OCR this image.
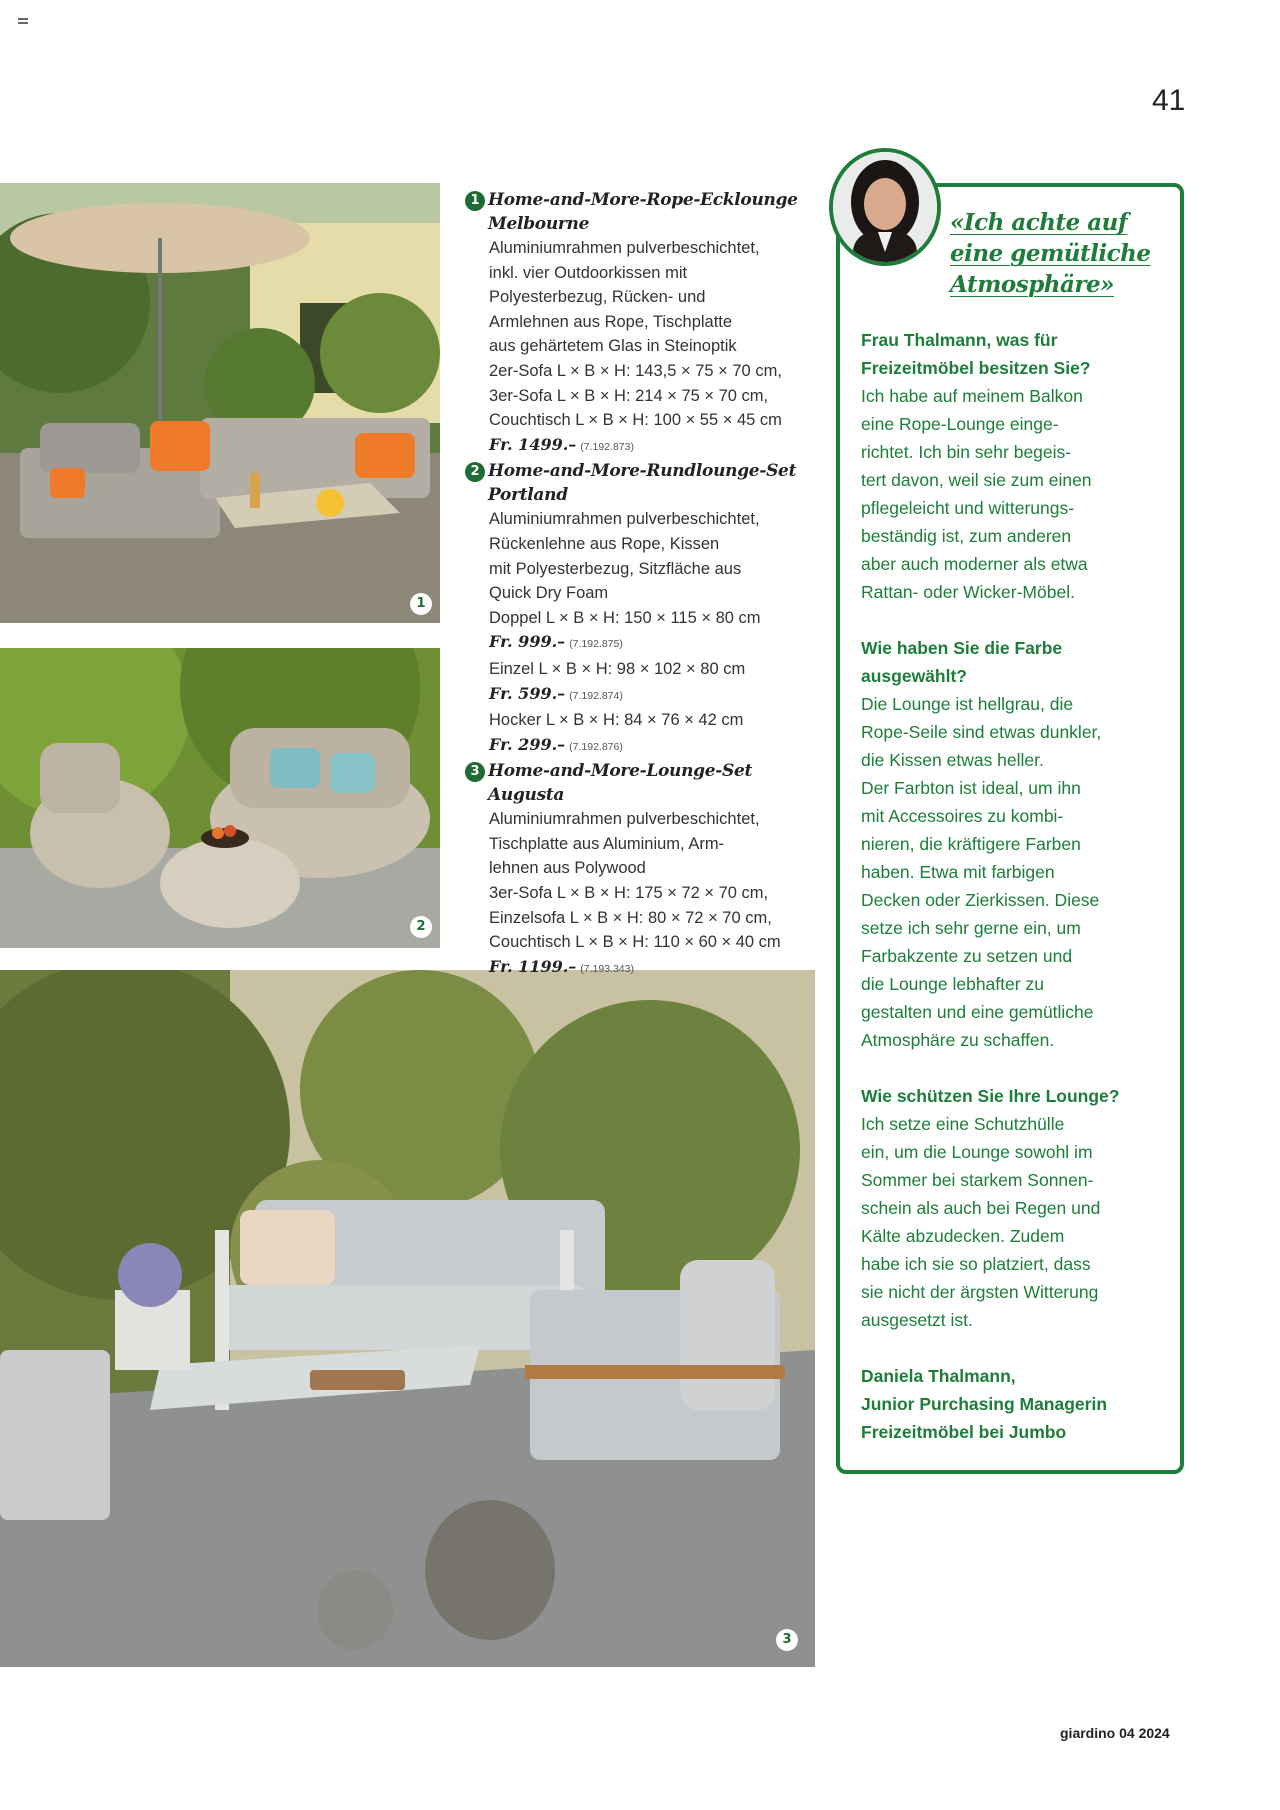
41
1
2
3
1 Home-and-More-Rope-Ecklounge
Melbourne
Aluminiumrahmen pulverbeschichtet,
inkl. vier Outdoorkissen mit
Polyesterbezug, Rücken- und
Armlehnen aus Rope, Tischplatte
aus gehärtetem Glas in Steinoptik
2er-Sofa L × B × H: 143,5 × 75 × 70 cm,
3er-Sofa L × B × H: 214 × 75 × 70 cm,
Couchtisch L × B × H: 100 × 55 × 45 cm
Fr. 1499.– (7.192.873)
2 Home-and-More-Rundlounge-Set
Portland
Aluminiumrahmen pulverbeschichtet,
Rückenlehne aus Rope, Kissen
mit Polyesterbezug, Sitzfläche aus
Quick Dry Foam
Doppel L × B × H: 150 × 115 × 80 cm
Fr. 999.– (7.192.875)
Einzel L × B × H: 98 × 102 × 80 cm
Fr. 599.– (7.192.874)
Hocker L × B × H: 84 × 76 × 42 cm
Fr. 299.– (7.192.876)
3 Home-and-More-Lounge-Set Augusta
Aluminiumrahmen pulverbeschichtet,
Tischplatte aus Aluminium, Arm-
lehnen aus Polywood
3er-Sofa L × B × H: 175 × 72 × 70 cm,
Einzelsofa L × B × H: 80 × 72 × 70 cm,
Couchtisch L × B × H: 110 × 60 × 40 cm
Fr. 1199.– (7.193.343)
«Ich achte auf
eine gemütliche
Atmosphäre»
Frau Thalmann, was für
Freizeitmöbel besitzen Sie?
Ich habe auf meinem Balkon
eine Rope-Lounge einge-
richtet. Ich bin sehr begeis-
tert davon, weil sie zum einen
pflegeleicht und witterungs-
beständig ist, zum anderen
aber auch moderner als etwa
Rattan- oder Wicker-Möbel.
Wie haben Sie die Farbe
ausgewählt?
Die Lounge ist hellgrau, die
Rope-Seile sind etwas dunkler,
die Kissen etwas heller.
Der Farbton ist ideal, um ihn
mit Accessoires zu kombi-
nieren, die kräftigere Farben
haben. Etwa mit farbigen
Decken oder Zierkissen. Diese
setze ich sehr gerne ein, um
Farbakzente zu setzen und
die Lounge lebhafter zu
gestalten und eine gemütliche
Atmosphäre zu schaffen.
Wie schützen Sie Ihre Lounge?
Ich setze eine Schutzhülle
ein, um die Lounge sowohl im
Sommer bei starkem Sonnen-
schein als auch bei Regen und
Kälte abzudecken. Zudem
habe ich sie so platziert, dass
sie nicht der ärgsten Witterung
ausgesetzt ist.
Daniela Thalmann,
Junior Purchasing Managerin
Freizeitmöbel bei Jumbo
giardino 04 2024
